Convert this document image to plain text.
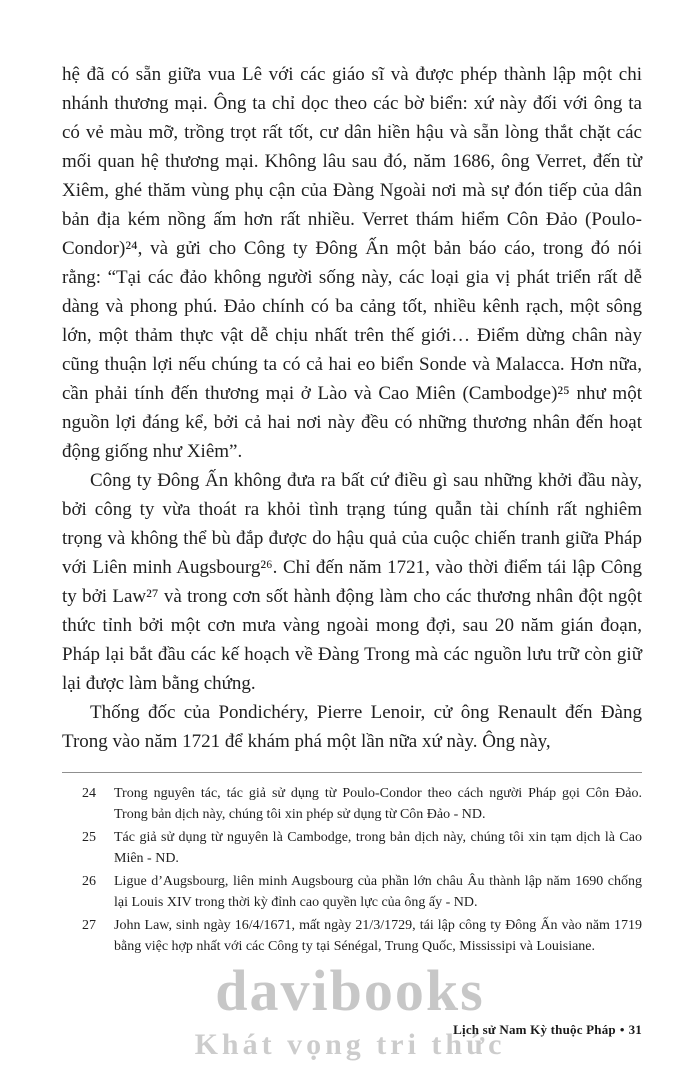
hệ đã có sẵn giữa vua Lê với các giáo sĩ và được phép thành lập một chi nhánh thương mại. Ông ta chỉ dọc theo các bờ biển: xứ này đối với ông ta có vẻ màu mỡ, trồng trọt rất tốt, cư dân hiền hậu và sẵn lòng thắt chặt các mối quan hệ thương mại. Không lâu sau đó, năm 1686, ông Verret, đến từ Xiêm, ghé thăm vùng phụ cận của Đàng Ngoài nơi mà sự đón tiếp của dân bản địa kém nồng ấm hơn rất nhiều. Verret thám hiểm Côn Đảo (Poulo-Condor)²⁴, và gửi cho Công ty Đông Ấn một bản báo cáo, trong đó nói rằng: “Tại các đảo không người sống này, các loại gia vị phát triển rất dễ dàng và phong phú. Đảo chính có ba cảng tốt, nhiều kênh rạch, một sông lớn, một thảm thực vật dễ chịu nhất trên thế giới… Điểm dừng chân này cũng thuận lợi nếu chúng ta có cả hai eo biển Sonde và Malacca. Hơn nữa, cần phải tính đến thương mại ở Lào và Cao Miên (Cambodge)²⁵ như một nguồn lợi đáng kể, bởi cả hai nơi này đều có những thương nhân đến hoạt động giống như Xiêm”.

Công ty Đông Ấn không đưa ra bất cứ điều gì sau những khởi đầu này, bởi công ty vừa thoát ra khỏi tình trạng túng quẫn tài chính rất nghiêm trọng và không thể bù đắp được do hậu quả của cuộc chiến tranh giữa Pháp với Liên minh Augsbourg²⁶. Chỉ đến năm 1721, vào thời điểm tái lập Công ty bởi Law²⁷ và trong cơn sốt hành động làm cho các thương nhân đột ngột thức tỉnh bởi một cơn mưa vàng ngoài mong đợi, sau 20 năm gián đoạn, Pháp lại bắt đầu các kế hoạch về Đàng Trong mà các nguồn lưu trữ còn giữ lại được làm bằng chứng.

Thống đốc của Pondichéry, Pierre Lenoir, cử ông Renault đến Đàng Trong vào năm 1721 để khám phá một lần nữa xứ này. Ông này,

24 Trong nguyên tác, tác giả sử dụng từ Poulo-Condor theo cách người Pháp gọi Côn Đảo. Trong bản dịch này, chúng tôi xin phép sử dụng từ Côn Đảo - ND.
25 Tác giả sử dụng từ nguyên là Cambodge, trong bản dịch này, chúng tôi xin tạm dịch là Cao Miên - ND.
26 Ligue d’Augsbourg, liên minh Augsbourg của phần lớn châu Âu thành lập năm 1690 chống lại Louis XIV trong thời kỳ đỉnh cao quyền lực của ông ấy - ND.
27 John Law, sinh ngày 16/4/1671, mất ngày 21/3/1729, tái lập công ty Đông Ấn vào năm 1719 bằng việc hợp nhất với các Công ty tại Sénégal, Trung Quốc, Mississipi và Louisiane.
davibooks
Khát vọng tri thức
Lịch sử Nam Kỳ thuộc Pháp • 31
